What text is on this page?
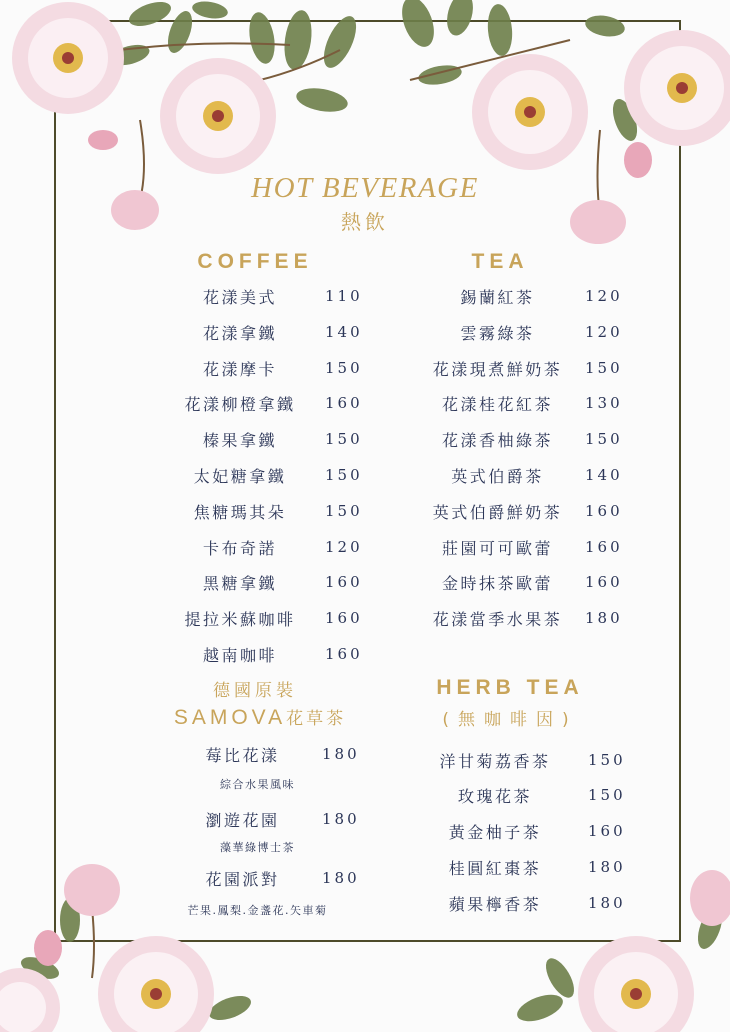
HOT BEVERAGE
熱飲
COFFEE	TEA
花漾美式	110
花漾拿鐵	140
花漾摩卡	150
花漾柳橙拿鐵	160
榛果拿鐵	150
太妃糖拿鐵	150
焦糖瑪其朵	150
卡布奇諾	120
黑糖拿鐵	160
提拉米蘇咖啡	160
越南咖啡	160
錫蘭紅茶	120
雲霧綠茶	120
花漾現煮鮮奶茶	150
花漾桂花紅茶	130
花漾香柚綠茶	150
英式伯爵茶	140
英式伯爵鮮奶茶	160
莊園可可歐蕾	160
金時抹茶歐蕾	160
花漾當季水果茶	180
德國原裝
SAMOVA花草茶
莓比花漾	180
綜合水果風味
瀏遊花園	180
藻華綠博士茶
花園派對	180
芒果.鳳梨.金盞花.矢車菊
HERB TEA
(無咖啡因)
洋甘菊荔香茶	150
玫瑰花茶	150
黃金柚子茶	160
桂圓紅棗茶	180
蘋果檸香茶	180
